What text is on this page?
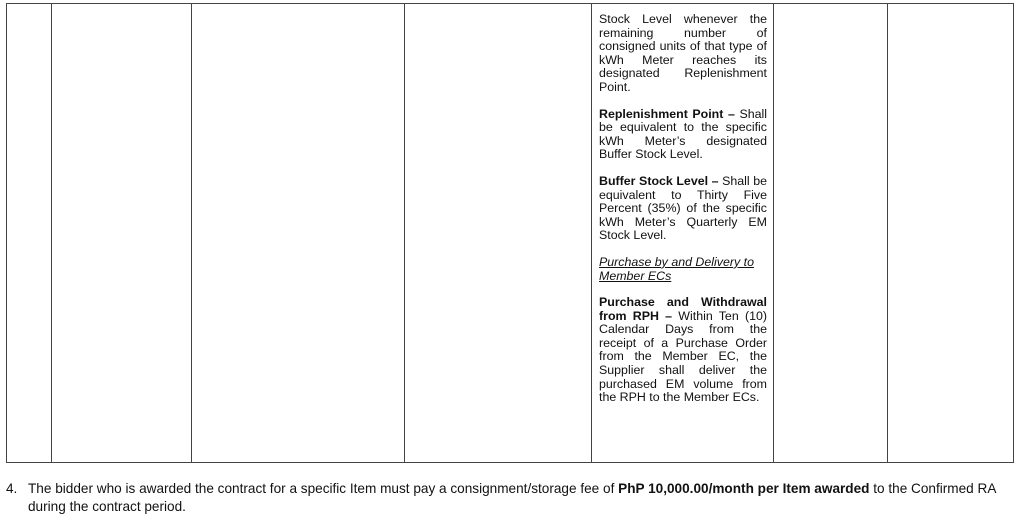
Stock Level whenever the remaining number of consigned units of that type of kWh Meter reaches its designated Replenishment Point.

Replenishment Point – Shall be equivalent to the specific kWh Meter’s designated Buffer Stock Level.

Buffer Stock Level – Shall be equivalent to Thirty Five Percent (35%) of the specific kWh Meter’s Quarterly EM Stock Level.

Purchase by and Delivery to Member ECs

Purchase and Withdrawal from RPH – Within Ten (10) Calendar Days from the receipt of a Purchase Order from the Member EC, the Supplier shall deliver the purchased EM volume from the RPH to the Member ECs.

4. The bidder who is awarded the contract for a specific Item must pay a consignment/storage fee of PhP 10,000.00/month per Item awarded to the Confirmed RA during the contract period.
